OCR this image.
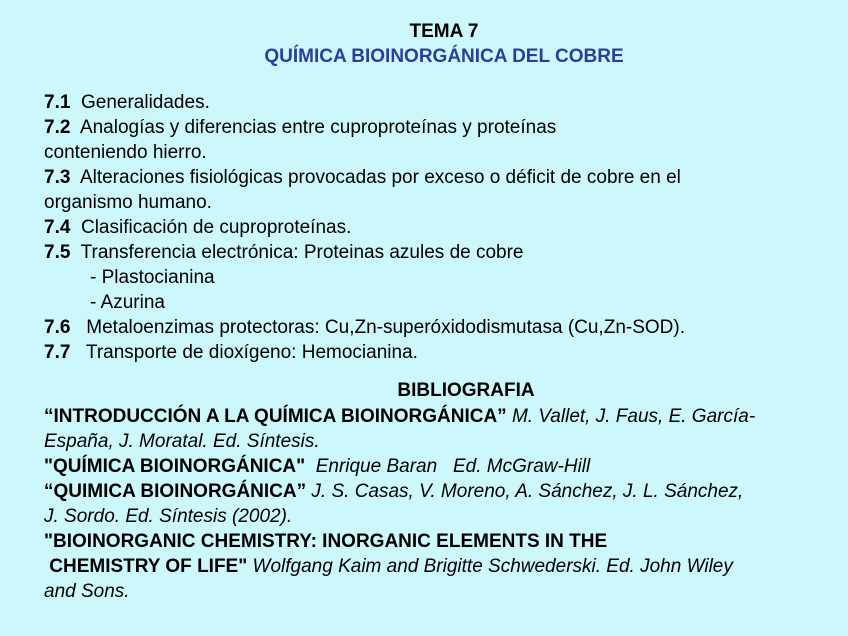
TEMA 7
QUÍMICA BIOINORGÁNICA DEL COBRE
7.1 Generalidades.
7.2 Analogías y diferencias entre cuproproteínas y proteínas
conteniendo hierro.
7.3 Alteraciones fisiológicas provocadas por exceso o déficit de cobre en el
organismo humano.
7.4 Clasificación de cuproproteínas.
7.5 Transferencia electrónica: Proteinas azules de cobre
- Plastocianina
- Azurina
7.6 Metaloenzimas protectoras: Cu,Zn-superóxidodismutasa (Cu,Zn-SOD).
7.7 Transporte de dioxígeno: Hemocianina.
BIBLIOGRAFIA
“INTRODUCCIÓN A LA QUÍMICA BIOINORGÁNICA” M. Vallet, J. Faus, E. García-
España, J. Moratal. Ed. Síntesis.
"QUÍMICA BIOINORGÁNICA"  Enrique Baran   Ed. McGraw-Hill
“QUIMICA BIOINORGÁNICA” J. S. Casas, V. Moreno, A. Sánchez, J. L. Sánchez,
J. Sordo. Ed. Síntesis (2002).
"BIOINORGANIC CHEMISTRY: INORGANIC ELEMENTS IN THE
CHEMISTRY OF LIFE" Wolfgang Kaim and Brigitte Schwederski. Ed. John Wiley
and Sons.
